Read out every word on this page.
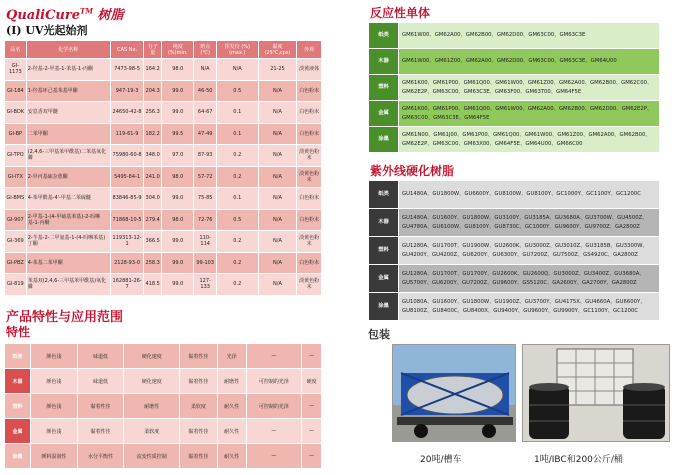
QualiCure™ 树脂
(I) UV光起始剂
品名	化学名称	CAS No.	分子量	纯度 (%)min.	熔点 (℃)	挥发份 (%) (max.)	黏度 (25℃,cps)	外观
GI-1173	2-羟基-2-甲基-1-苯基-1-丙酮	7473-98-5	164.2	98.0	N/A	N/A	21-25	淡黄液体
GI-184	1-羟基环己基苯基甲酮	947-19-3	204.3	99.0	46-50	0.5	N/A	白色粉末
GI-BDK	安息香双甲醚	24650-42-8	256.3	99.0	64-67	0.1	N/A	白色粉末
GI-BP	二苯甲酮	119-61-9	182.2	99.5	47-49	0.1	N/A	白色粉末
GI-TPO	(2,4,6-三甲基苯甲酰基)二苯基氧化膦	75980-60-8	348.0	97.0	87-93	0.2	N/A	淡黄色粉末
GI-ITX	2-异丙基硫杂蒽酮	5495-84-1	241.0	98.0	57-72	0.2	N/A	淡黄色粉末
GI-BMS	4-苯甲酰基-4'-甲基二苯硫醚	83846-85-9	304.0	99.0	75-85	0.1	N/A	白色粉末
GI-907	2-甲基-1-(4-甲硫基苯基)-2-吗啉基-1-丙酮	71868-10-5	279.4	98.0	72-76	0.5	N/A	白色粉末
GI-369	2-苄基-2-二甲氨基-1-(4-吗啉苯基)丁酮	119313-12-1	366.5	99.0	110-114	0.2	N/A	淡黄色粉末
GI-PBZ	4-苯基二苯甲酮	2128-93-0	258.3	99.0	99-103	0.2	N/A	白色粉末
GI-819	苯基双(2,4,6-三甲基苯甲酰基)氧化膦	162881-26-7	418.5	99.0	127-133	0.2	N/A	淡黄色粉末
产品特性与应用范围
特性
纸张	颜色浅	味道低	硬化速度	黏着性佳	光泽	—	—
木器	颜色浅	味道低	硬化速度	黏着性佳	耐磨性	可控制的光泽	硬度
塑料	颜色浅	黏着性佳	耐磨性	柔软度	耐久性	可控制的光泽	—
金属	颜色浅	黏着性佳	柔软度	黏着性佳	耐久性	—	—
涂墨	颜料湿润性	水分平衡性	流变性质控制	黏着性佳	耐久性	—	—
反应性单体
纸类	GM61W00、GM62A00、GM62B00、GM62D00、GM63C00、GM63C3E
木器	GM61W00、GM61Z00、GM62A00、GM62D00、GM63C00、GM63C3E、GM64U00
塑料	GM61K00、GM61P00、GM61Q00、GM61W00、GM61Z00、GM62A00、GM62B00、GM62C00、GM62E2P、GM63C00、GM63C3E、GM63F00、GM63T00、GM64F5E
金属	GM61K00、GM61P00、GM61Q00、GM61W00、GM62A00、GM62B00、GM62D00、GM62E2P、GM63C00、GM63C3E、GM64F5E
涂墨	GM61N00、GM61J00、GM61P00、GM61Q00、GM61W00、GM61Z00、GM62A00、GM62B00、GM62E2P、GM63C00、GM63X00、GM64F5E、GM64U00、GM66C00
紫外线硬化树脂
纸类	GU1480A、GU1800W、GU6600Y、GU8100W、GU8100Y、GC1000Y、GC1100Y、GC1200C
木器	GU1480A、GU1600Y、GU1800W、GU3100Y、GU3185A、GU3680A、GU3700W、GU4500Z、GU4780A、GU6100W、GU8100Y、GU8730C、GC1000Y、GU9600Y、GU9700Z、GA2800Z
塑料	GU1280A、GU1700T、GU1900W、GU2600K、GU3000Z、GU3010Z、GU3185B、GU3300W、GU4200Y、GU4200Z、GU6200Y、GU6300Y、GU7200Z、GU7500Z、GS4920C、GA2800Z
金属	GU1280A、GU1700T、GU1700Y、GU2600K、GU2600Q、GU3000Z、GU3400Z、GU3680A、GU5700Y、GU6200Y、GU7200Z、GU9600Y、GS5120C、GA2600Y、GA2700Y、GA2800Z
涂墨	GU1080A、GU1600Y、GU1800W、GU1900Z、GU3700Y、GU4175X、GU4660A、GU6600Y、GU8100Z、GU8400C、GU8400X、GU9400Y、GU9600Y、GU9900Y、GC1100Y、GC1200C
包装
20吨/槽车	1吨/IBC和200公斤/桶
